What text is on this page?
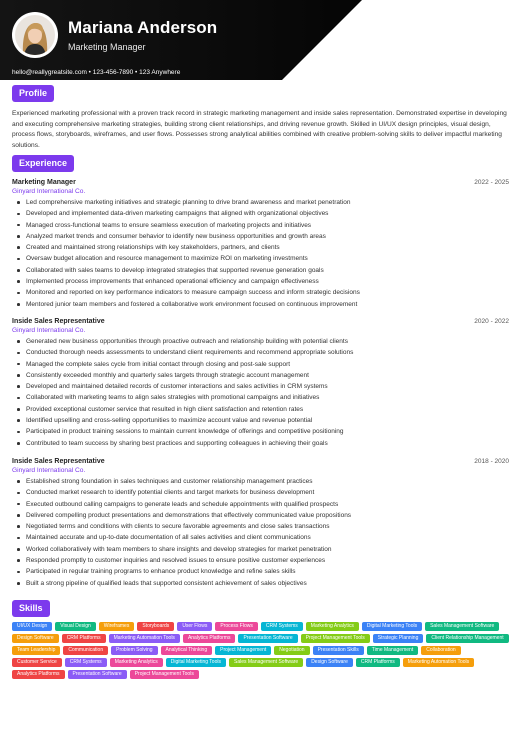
Mariana Anderson
Marketing Manager
hello@reallygreatsite.com • 123-456-7890 • 123 Anywhere
Profile
Experienced marketing professional with a proven track record in strategic marketing management and inside sales representation. Demonstrated expertise in developing and executing comprehensive marketing strategies, building strong client relationships, and driving revenue growth. Skilled in UI/UX design principles, visual design, process flows, storyboards, wireframes, and user flows. Possesses strong analytical abilities combined with creative problem-solving skills to deliver impactful marketing solutions.
Experience
Marketing Manager	2022 - 2025
Ginyard International Co.
Led comprehensive marketing initiatives and strategic planning to drive brand awareness and market penetration
Developed and implemented data-driven marketing campaigns that aligned with organizational objectives
Managed cross-functional teams to ensure seamless execution of marketing projects and initiatives
Analyzed market trends and consumer behavior to identify new business opportunities and growth areas
Created and maintained strong relationships with key stakeholders, partners, and clients
Oversaw budget allocation and resource management to maximize ROI on marketing investments
Collaborated with sales teams to develop integrated strategies that supported revenue generation goals
Implemented process improvements that enhanced operational efficiency and campaign effectiveness
Monitored and reported on key performance indicators to measure campaign success and inform strategic decisions
Mentored junior team members and fostered a collaborative work environment focused on continuous improvement
Inside Sales Representative	2020 - 2022
Ginyard International Co.
Generated new business opportunities through proactive outreach and relationship building with potential clients
Conducted thorough needs assessments to understand client requirements and recommend appropriate solutions
Managed the complete sales cycle from initial contact through closing and post-sale support
Consistently exceeded monthly and quarterly sales targets through strategic account management
Developed and maintained detailed records of customer interactions and sales activities in CRM systems
Collaborated with marketing teams to align sales strategies with promotional campaigns and initiatives
Provided exceptional customer service that resulted in high client satisfaction and retention rates
Identified upselling and cross-selling opportunities to maximize account value and revenue potential
Participated in product training sessions to maintain current knowledge of offerings and competitive positioning
Contributed to team success by sharing best practices and supporting colleagues in achieving their goals
Inside Sales Representative	2018 - 2020
Ginyard International Co.
Established strong foundation in sales techniques and customer relationship management practices
Conducted market research to identify potential clients and target markets for business development
Executed outbound calling campaigns to generate leads and schedule appointments with qualified prospects
Delivered compelling product presentations and demonstrations that effectively communicated value propositions
Negotiated terms and conditions with clients to secure favorable agreements and close sales transactions
Maintained accurate and up-to-date documentation of all sales activities and client communications
Worked collaboratively with team members to share insights and develop strategies for market penetration
Responded promptly to customer inquiries and resolved issues to ensure positive customer experiences
Participated in regular training programs to enhance product knowledge and refine sales skills
Built a strong pipeline of qualified leads that supported consistent achievement of sales objectives
Skills
UI/UX Design	Visual Design	Wireframes	Storyboards	User Flows	Process Flows	CRM Systems	Marketing Analytics	Digital Marketing Tools	Sales Management Software
Design Software	CRM Platforms	Marketing Automation Tools	Analytics Platforms	Presentation Software	Project Management Tools	Strategic Planning	Client Relationship Management
Team Leadership	Communication	Problem Solving	Analytical Thinking	Project Management	Negotiation	Presentation Skills	Time Management	Collaboration
Customer Service	CRM Systems	Marketing Analytics	Digital Marketing Tools	Sales Management Software	Design Software	CRM Platforms	Marketing Automation Tools
Analytics Platforms	Presentation Software	Project Management Tools
